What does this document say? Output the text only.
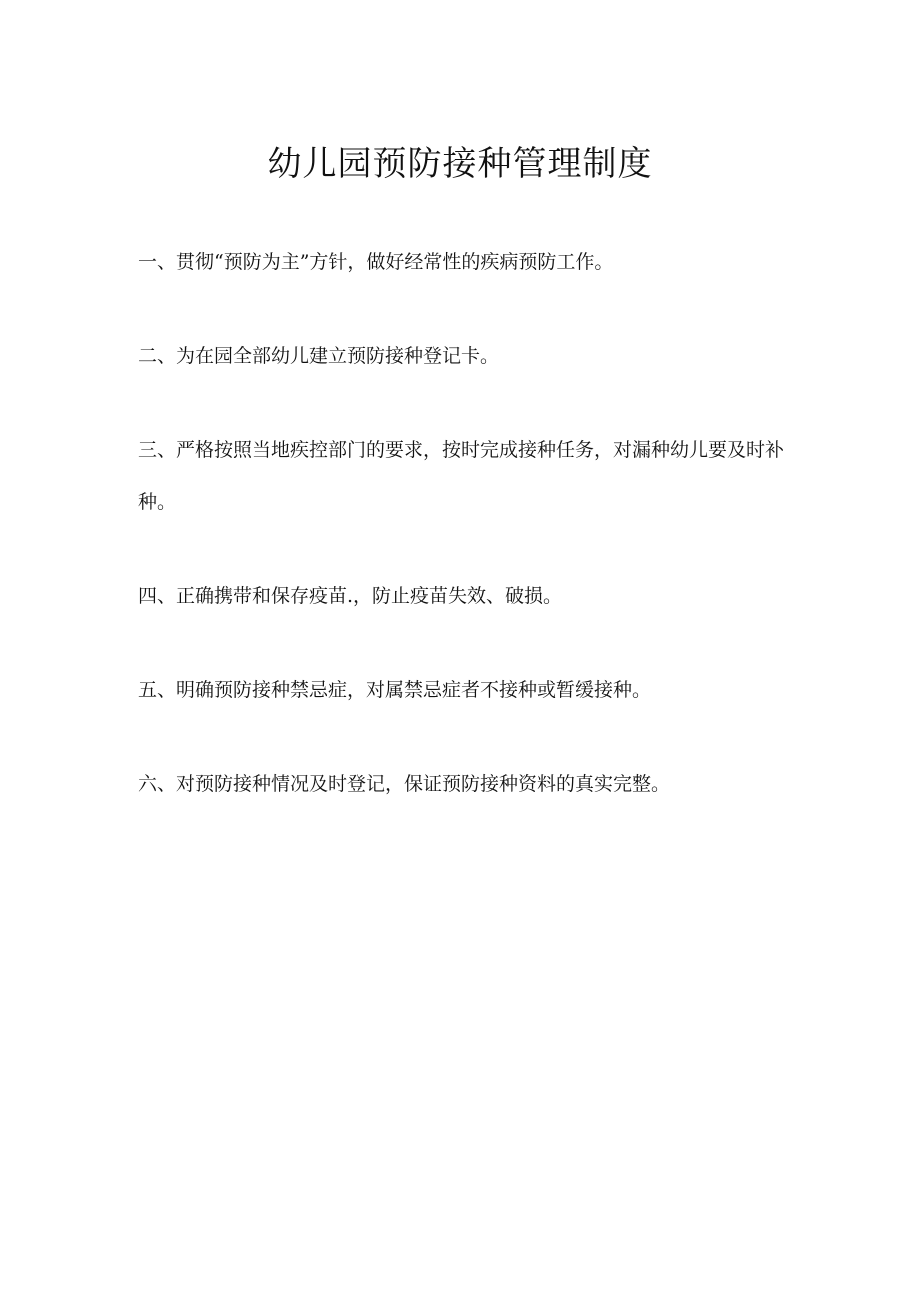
幼儿园预防接种管理制度
一、贯彻“预防为主”方针，做好经常性的疾病预防工作。
二、为在园全部幼儿建立预防接种登记卡。
三、严格按照当地疾控部门的要求，按时完成接种任务，对漏种幼儿要及时补种。
四、正确携带和保存疫苗.，防止疫苗失效、破损。
五、明确预防接种禁忌症，对属禁忌症者不接种或暂缓接种。
六、对预防接种情况及时登记，保证预防接种资料的真实完整。
